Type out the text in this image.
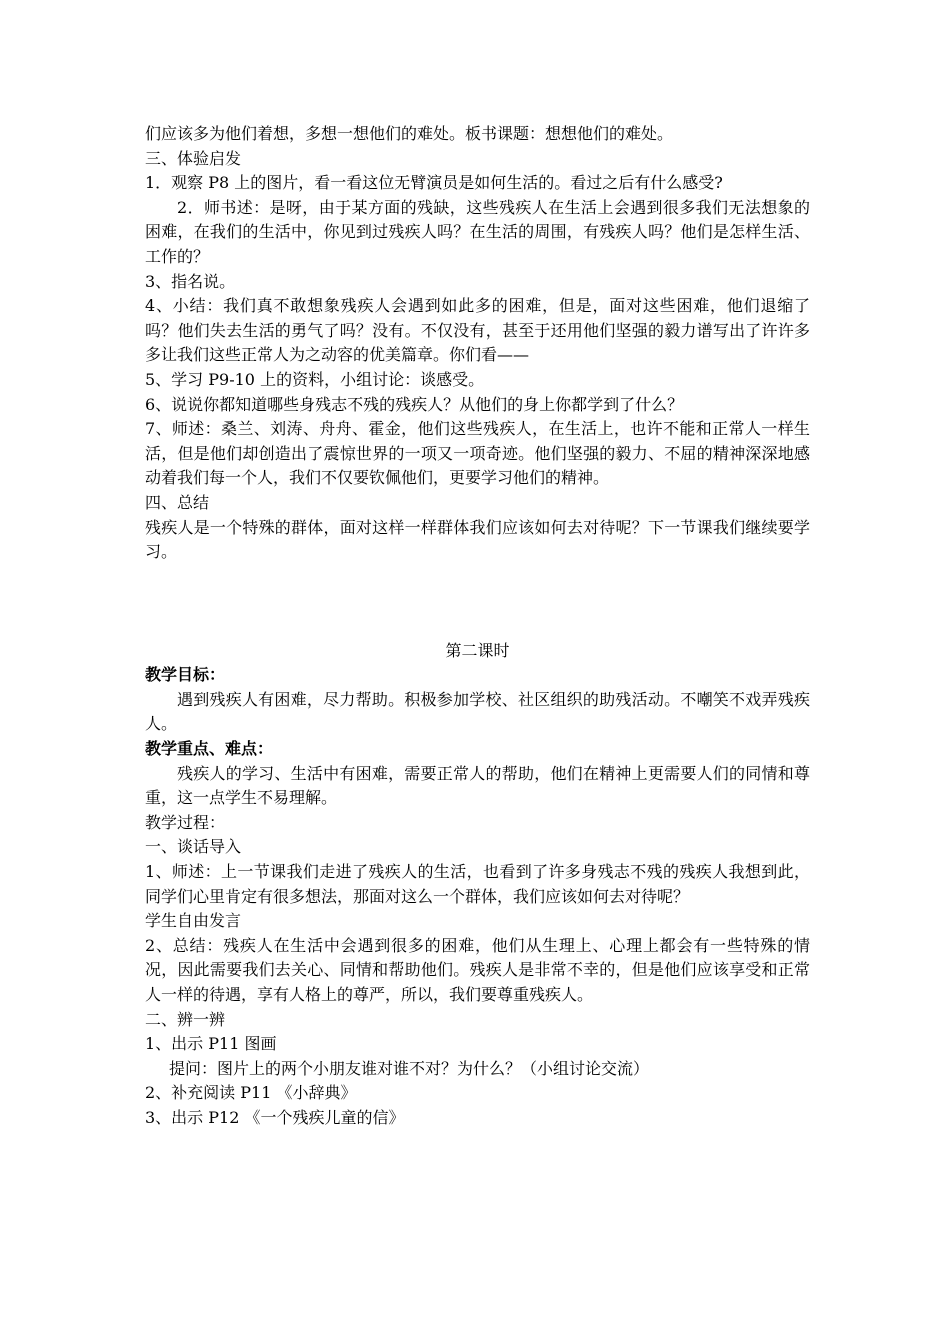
们应该多为他们着想，多想一想他们的难处。板书课题：想想他们的难处。

三、体验启发

1．观察 P8 上的图片，看一看这位无臂演员是如何生活的。看过之后有什么感受?

2．师书述：是呀，由于某方面的残缺，这些残疾人在生活上会遇到很多我们无法想象的困难，在我们的生活中，你见到过残疾人吗？在生活的周围，有残疾人吗？他们是怎样生活、工作的？

3、指名说。

4、小结：我们真不敢想象残疾人会遇到如此多的困难，但是，面对这些困难，他们退缩了吗？他们失去生活的勇气了吗？没有。不仅没有，甚至于还用他们坚强的毅力谱写出了许许多多让我们这些正常人为之动容的优美篇章。你们看——

5、学习 P9-10 上的资料，小组讨论：谈感受。

6、说说你都知道哪些身残志不残的残疾人？从他们的身上你都学到了什么？

7、师述：桑兰、刘涛、舟舟、霍金，他们这些残疾人，在生活上，也许不能和正常人一样生活，但是他们却创造出了震惊世界的一项又一项奇迹。他们坚强的毅力、不屈的精神深深地感动着我们每一个人，我们不仅要钦佩他们，更要学习他们的精神。

四、总结

残疾人是一个特殊的群体，面对这样一样群体我们应该如何去对待呢？下一节课我们继续要学习。

第二课时

教学目标：

遇到残疾人有困难，尽力帮助。积极参加学校、社区组织的助残活动。不嘲笑不戏弄残疾人。

教学重点、难点：

残疾人的学习、生活中有困难，需要正常人的帮助，他们在精神上更需要人们的同情和尊重，这一点学生不易理解。

教学过程：

一、谈话导入

1、师述：上一节课我们走进了残疾人的生活，也看到了许多身残志不残的残疾人我想到此，同学们心里肯定有很多想法，那面对这么一个群体，我们应该如何去对待呢？

学生自由发言

2、总结：残疾人在生活中会遇到很多的困难，他们从生理上、心理上都会有一些特殊的情况，因此需要我们去关心、同情和帮助他们。残疾人是非常不幸的，但是他们应该享受和正常人一样的待遇，享有人格上的尊严，所以，我们要尊重残疾人。

二、辨一辨

1、出示 P11 图画

提问：图片上的两个小朋友谁对谁不对？为什么？（小组讨论交流）

2、补充阅读 P11 《小辞典》

3、出示 P12 《一个残疾儿童的信》
